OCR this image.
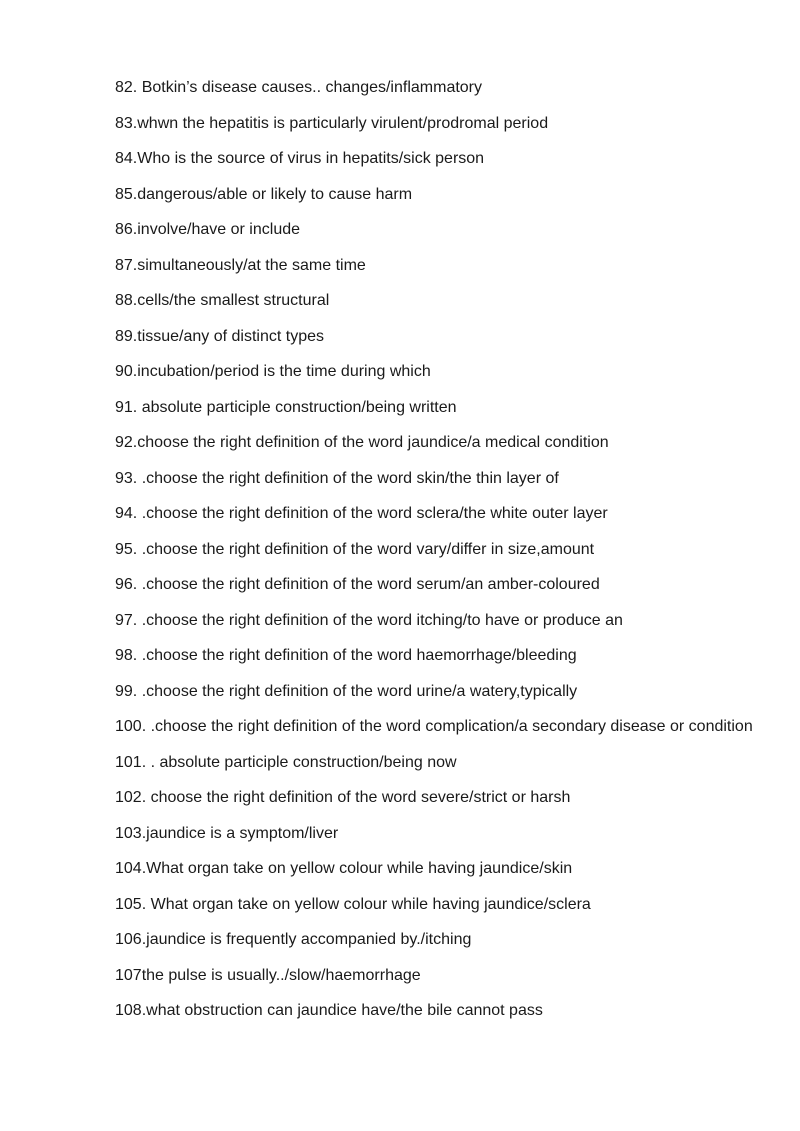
82. Botkin’s disease causes.. changes/inflammatory
83.whwn the hepatitis is particularly virulent/prodromal period
84.Who is the source of virus in hepatits/sick person
85.dangerous/able or likely to cause harm
86.involve/have or include
87.simultaneously/at the same time
88.cells/the smallest structural
89.tissue/any of distinct types
90.incubation/period is the time during which
91. absolute participle construction/being written
92.choose the right definition of the word jaundice/a medical condition
93. .choose the right definition of the word skin/the thin layer of
94. .choose the right definition of the word sclera/the white outer layer
95. .choose the right definition of the word vary/differ in size,amount
96. .choose the right definition of the word serum/an amber-coloured
97. .choose the right definition of the word itching/to have or produce an
98. .choose the right definition of the word haemorrhage/bleeding
99. .choose the right definition of the word urine/a watery,typically
100. .choose the right definition of the word complication/a secondary disease or condition
101. . absolute participle construction/being now
102. choose the right definition of the word severe/strict or harsh
103.jaundice is a symptom/liver
104.What organ take on yellow colour while having jaundice/skin
105. What organ take on yellow colour while having jaundice/sclera
106.jaundice is frequently accompanied by./itching
107the pulse is usually../slow/haemorrhage
108.what obstruction can jaundice have/the bile cannot pass
